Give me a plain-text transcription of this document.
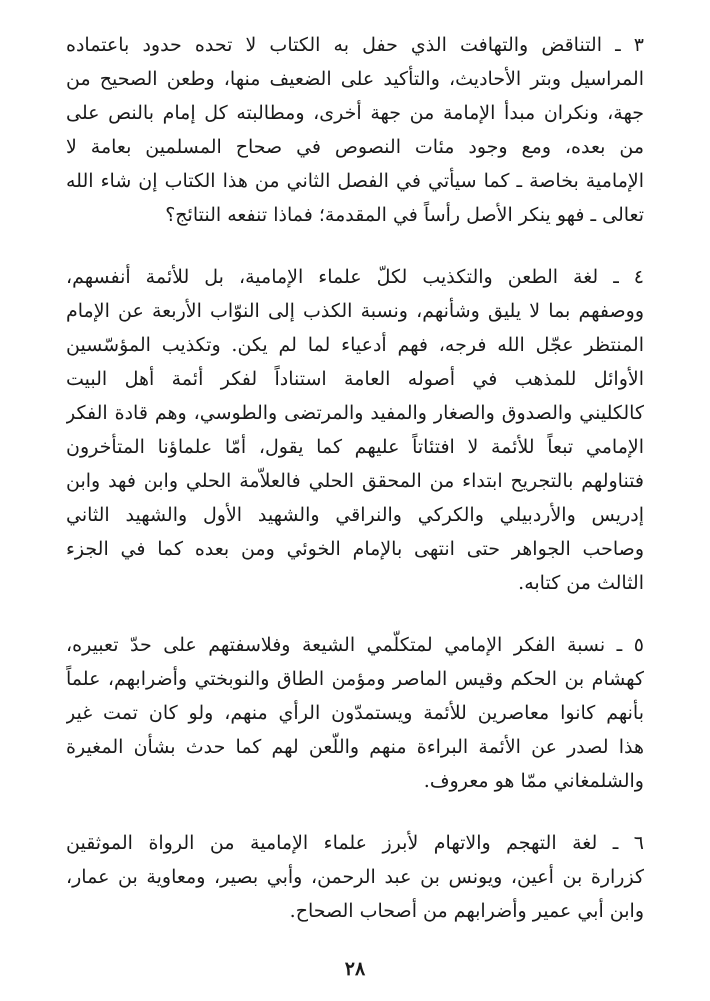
٣ ـ التناقض والتهافت الذي حفل به الكتاب لا تحده حدود باعتماده
المراسيل وبتر الأحاديث، والتأكيد على الضعيف منها، وطعن الصحيح من
جهة، ونكران مبدأ الإمامة من جهة أخرى، ومطالبته كل إمام بالنص على
من بعده، ومع وجود مئات النصوص في صحاح المسلمين بعامة لا
الإمامية بخاصة ـ كما سيأتي في الفصل الثاني من هذا الكتاب إن شاء الله
تعالى ـ فهو ينكر الأصل رأساً في المقدمة؛ فماذا تنفعه النتائج؟
٤ ـ لغة الطعن والتكذيب لكلّ علماء الإمامية، بل للأئمة أنفسهم،
ووصفهم بما لا يليق وشأنهم، ونسبة الكذب إلى النوّاب الأربعة عن الإمام
المنتظر عجّل الله فرجه، فهم أدعياء لما لم يكن. وتكذيب المؤسّسين
الأوائل للمذهب في أصوله العامة استناداً لفكر أئمة أهل البيت
كالكليني والصدوق والصغار والمفيد والمرتضى والطوسي، وهم قادة الفكر
الإمامي تبعاً للأئمة لا افتئاتاً عليهم كما يقول، أمّا علماؤنا المتأخرون
فتناولهم بالتجريح ابتداء من المحقق الحلي فالعلاّمة الحلي وابن فهد وابن
إدريس والأردبيلي والكركي والنراقي والشهيد الأول والشهيد الثاني
وصاحب الجواهر حتى انتهى بالإمام الخوئي ومن بعده كما في الجزء
الثالث من كتابه.
٥ ـ نسبة الفكر الإمامي لمتكلّمي الشيعة وفلاسفتهم على حدّ تعبيره،
كهشام بن الحكم وقيس الماصر ومؤمن الطاق والنوبختي وأضرابهم، علماً
بأنهم كانوا معاصرين للأئمة ويستمدّون الرأي منهم، ولو كان تمت غير
هذا لصدر عن الأئمة البراءة منهم واللّعن لهم كما حدث بشأن المغيرة
والشلمغاني ممّا هو معروف.
٦ ـ لغة التهجم والاتهام لأبرز علماء الإمامية من الرواة الموثقين
كزرارة بن أعين، ويونس بن عبد الرحمن، وأبي بصير، ومعاوية بن عمار،
وابن أبي عمير وأضرابهم من أصحاب الصحاح.
٢٨
